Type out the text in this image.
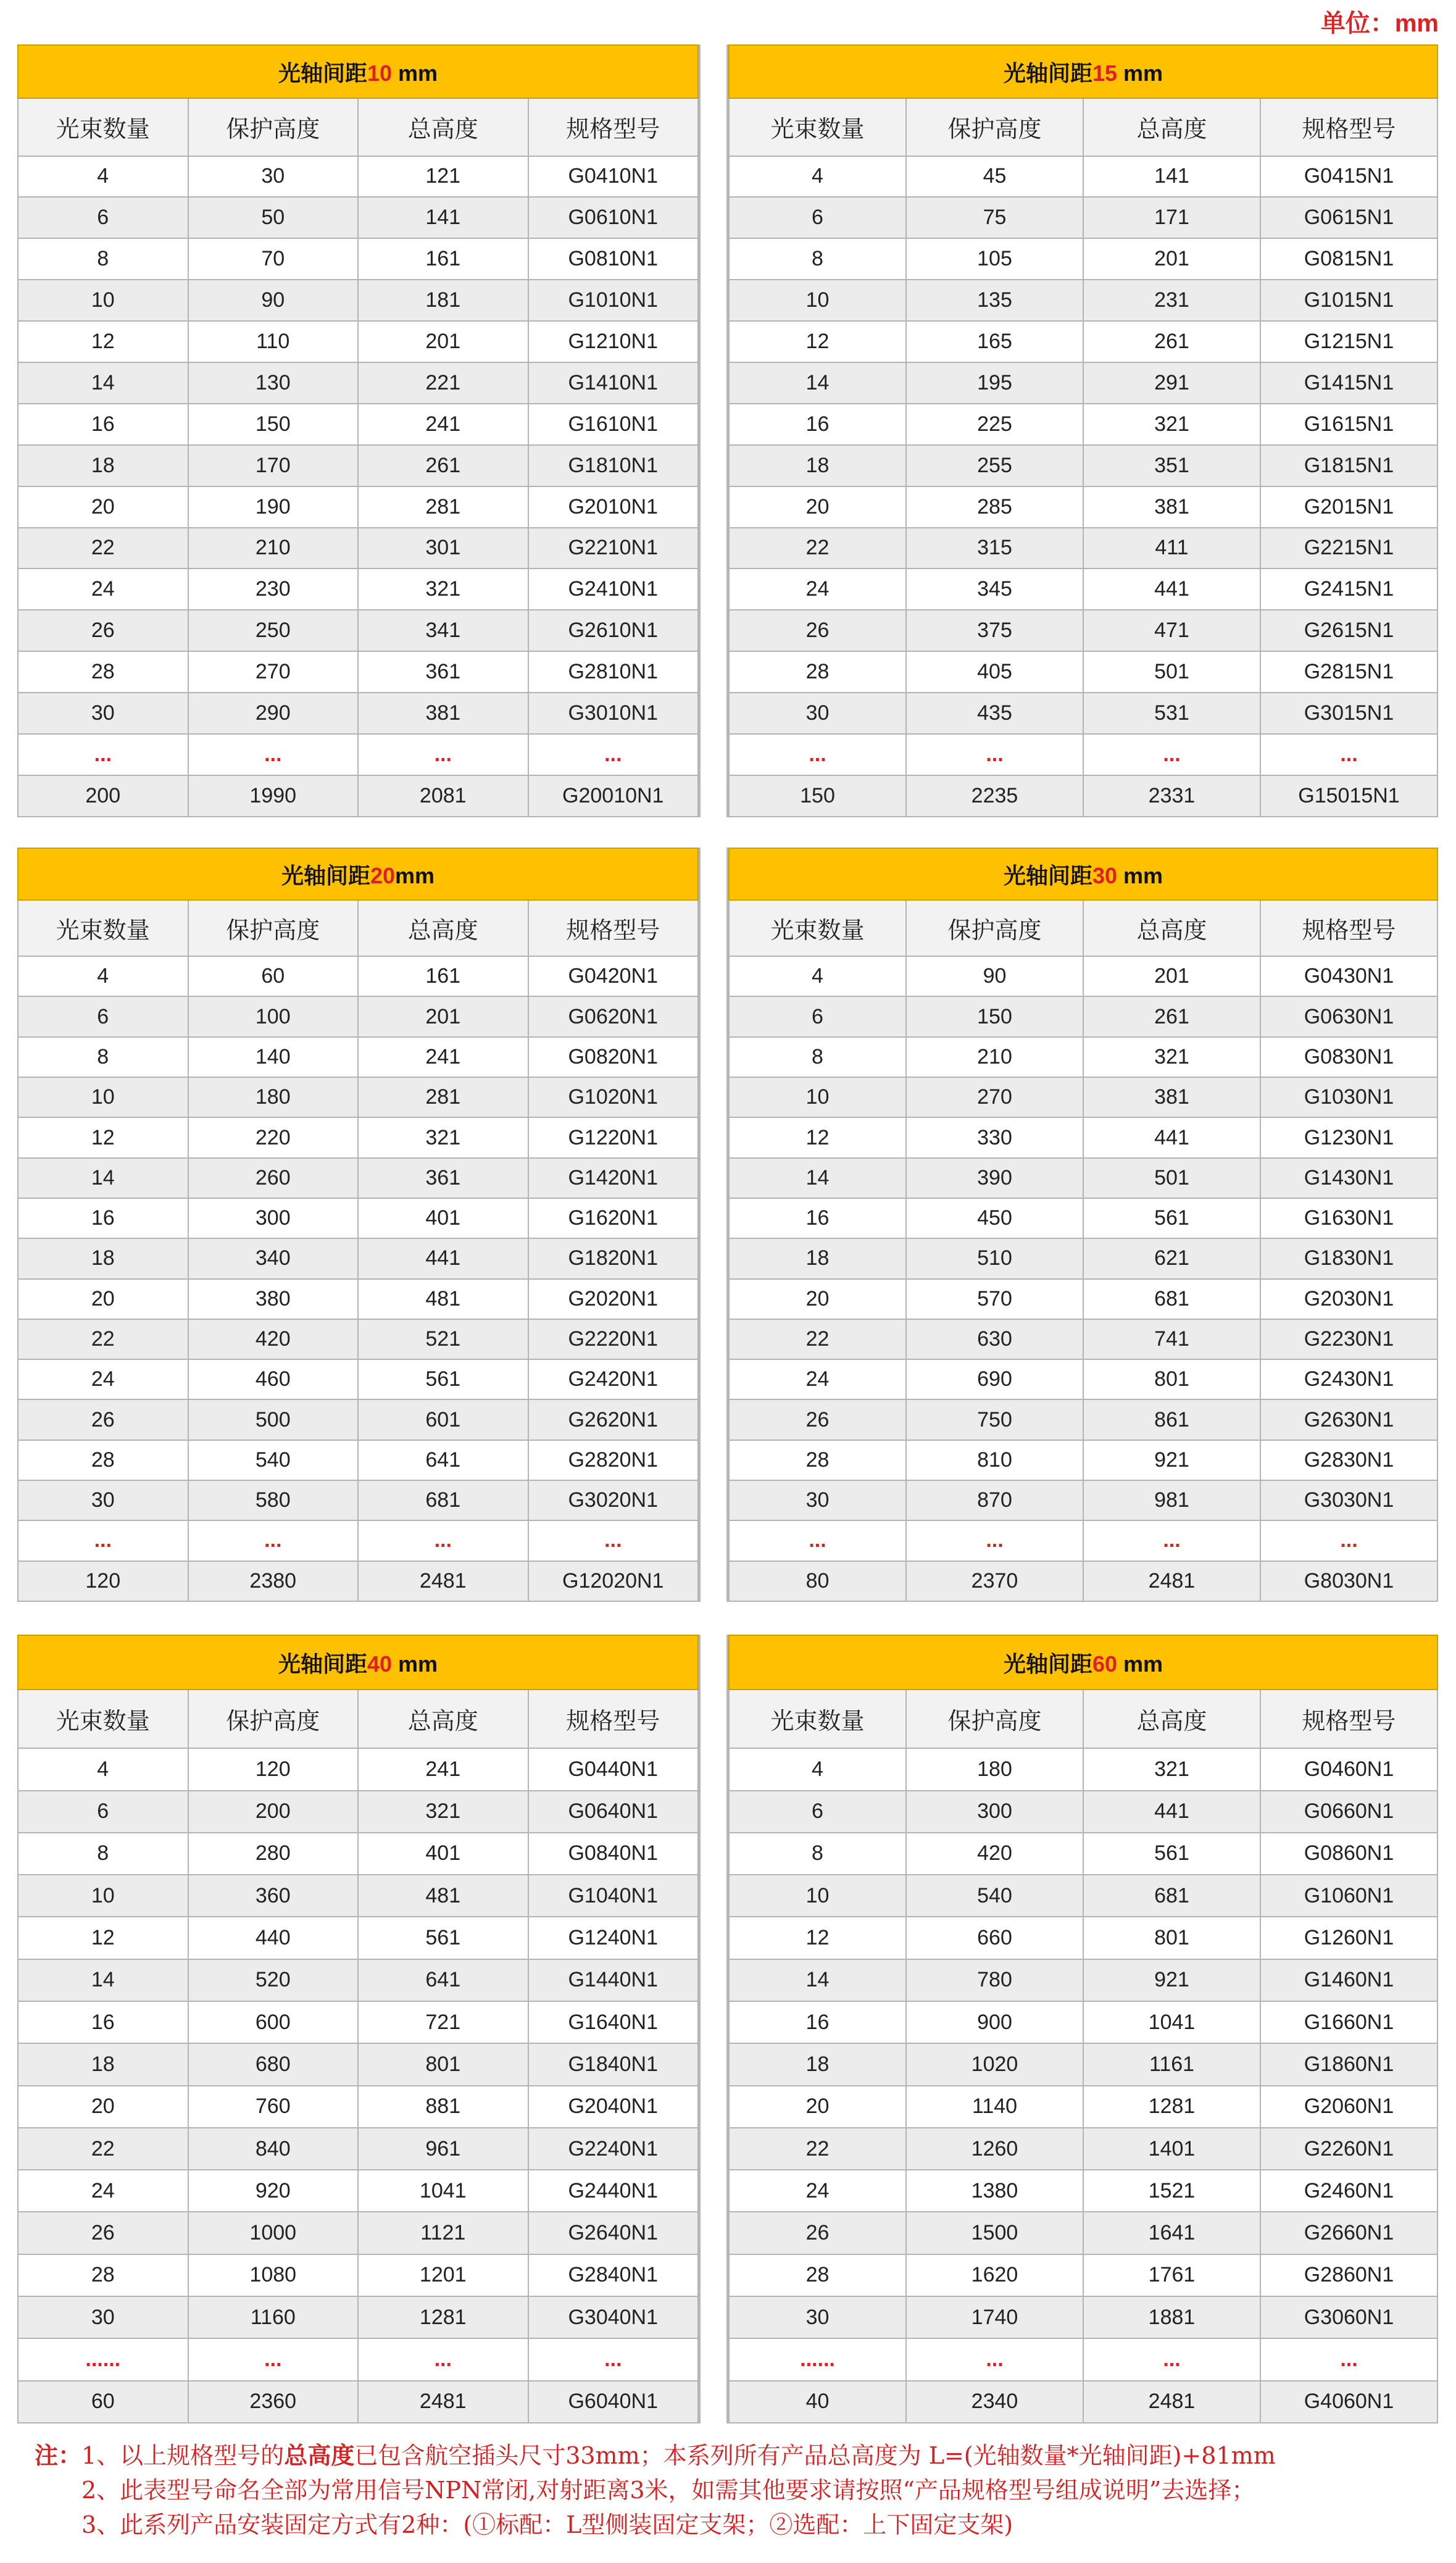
单位：mm
光轴间距10 mm			
光束数量	保护高度	总高度	规格型号
4	30	121	G0410N1
6	50	141	G0610N1
8	70	161	G0810N1
10	90	181	G1010N1
12	110	201	G1210N1
14	130	221	G1410N1
16	150	241	G1610N1
18	170	261	G1810N1
20	190	281	G2010N1
22	210	301	G2210N1
24	230	321	G2410N1
26	250	341	G2610N1
28	270	361	G2810N1
30	290	381	G3010N1
...	...	...	...
200	1990	2081	G20010N1
光轴间距15 mm			
光束数量	保护高度	总高度	规格型号
4	45	141	G0415N1
6	75	171	G0615N1
8	105	201	G0815N1
10	135	231	G1015N1
12	165	261	G1215N1
14	195	291	G1415N1
16	225	321	G1615N1
18	255	351	G1815N1
20	285	381	G2015N1
22	315	411	G2215N1
24	345	441	G2415N1
26	375	471	G2615N1
28	405	501	G2815N1
30	435	531	G3015N1
...	...	...	...
150	2235	2331	G15015N1
光轴间距20mm			
光束数量	保护高度	总高度	规格型号
4	60	161	G0420N1
6	100	201	G0620N1
8	140	241	G0820N1
10	180	281	G1020N1
12	220	321	G1220N1
14	260	361	G1420N1
16	300	401	G1620N1
18	340	441	G1820N1
20	380	481	G2020N1
22	420	521	G2220N1
24	460	561	G2420N1
26	500	601	G2620N1
28	540	641	G2820N1
30	580	681	G3020N1
...	...	...	...
120	2380	2481	G12020N1
光轴间距30 mm			
光束数量	保护高度	总高度	规格型号
4	90	201	G0430N1
6	150	261	G0630N1
8	210	321	G0830N1
10	270	381	G1030N1
12	330	441	G1230N1
14	390	501	G1430N1
16	450	561	G1630N1
18	510	621	G1830N1
20	570	681	G2030N1
22	630	741	G2230N1
24	690	801	G2430N1
26	750	861	G2630N1
28	810	921	G2830N1
30	870	981	G3030N1
...	...	...	...
80	2370	2481	G8030N1
光轴间距40 mm			
光束数量	保护高度	总高度	规格型号
4	120	241	G0440N1
6	200	321	G0640N1
8	280	401	G0840N1
10	360	481	G1040N1
12	440	561	G1240N1
14	520	641	G1440N1
16	600	721	G1640N1
18	680	801	G1840N1
20	760	881	G2040N1
22	840	961	G2240N1
24	920	1041	G2440N1
26	1000	1121	G2640N1
28	1080	1201	G2840N1
30	1160	1281	G3040N1
......	...	...	...
60	2360	2481	G6040N1
光轴间距60 mm			
光束数量	保护高度	总高度	规格型号
4	180	321	G0460N1
6	300	441	G0660N1
8	420	561	G0860N1
10	540	681	G1060N1
12	660	801	G1260N1
14	780	921	G1460N1
16	900	1041	G1660N1
18	1020	1161	G1860N1
20	1140	1281	G2060N1
22	1260	1401	G2260N1
24	1380	1521	G2460N1
26	1500	1641	G2660N1
28	1620	1761	G2860N1
30	1740	1881	G3060N1
......	...	...	...
40	2340	2481	G4060N1
注：1、以上规格型号的总高度已包含航空插头尺寸33mm；本系列所有产品总高度为 L=(光轴数量*光轴间距)+81mm
2、此表型号命名全部为常用信号NPN常闭,对射距离3米，如需其他要求请按照“产品规格型号组成说明”去选择；
3、此系列产品安装固定方式有2种：(①标配：L型侧装固定支架；②选配：上下固定支架)
